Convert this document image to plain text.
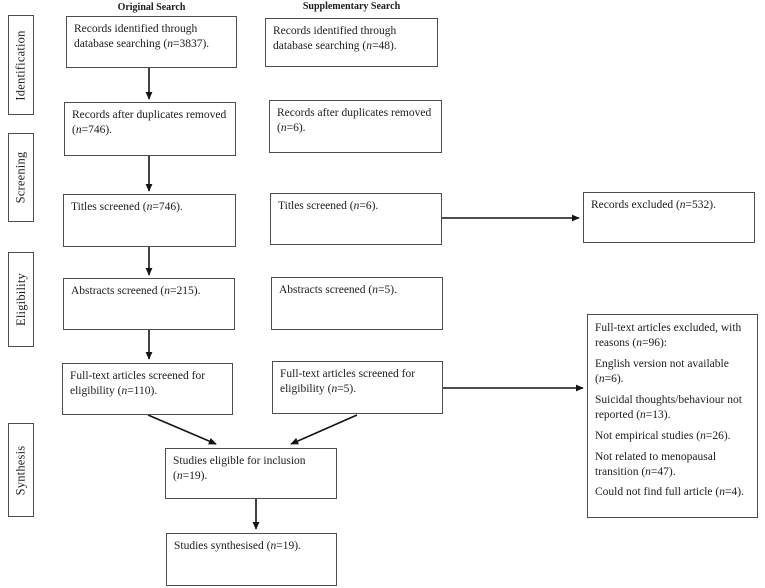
Original Search	Supplementary Search
Identification
Screening
Eligibility
Synthesis
Records identified through database searching (n=3837).
Records after duplicates removed (n=746).
Titles screened (n=746).
Abstracts screened (n=215).
Full-text articles screened for eligibility (n=110).
Records identified through database searching (n=48).
Records after duplicates removed (n=6).
Titles screened (n=6).
Abstracts screened (n=5).
Full-text articles screened for eligibility (n=5).
Records excluded (n=532).

Full-text articles excluded, with reasons (n=96):

English version not available (n=6).

Suicidal thoughts/behaviour not reported (n=13).

Not empirical studies (n=26).

Not related to menopausal transition (n=47).

Could not find full article (n=4).

Studies eligible for inclusion (n=19).
Studies synthesised (n=19).
